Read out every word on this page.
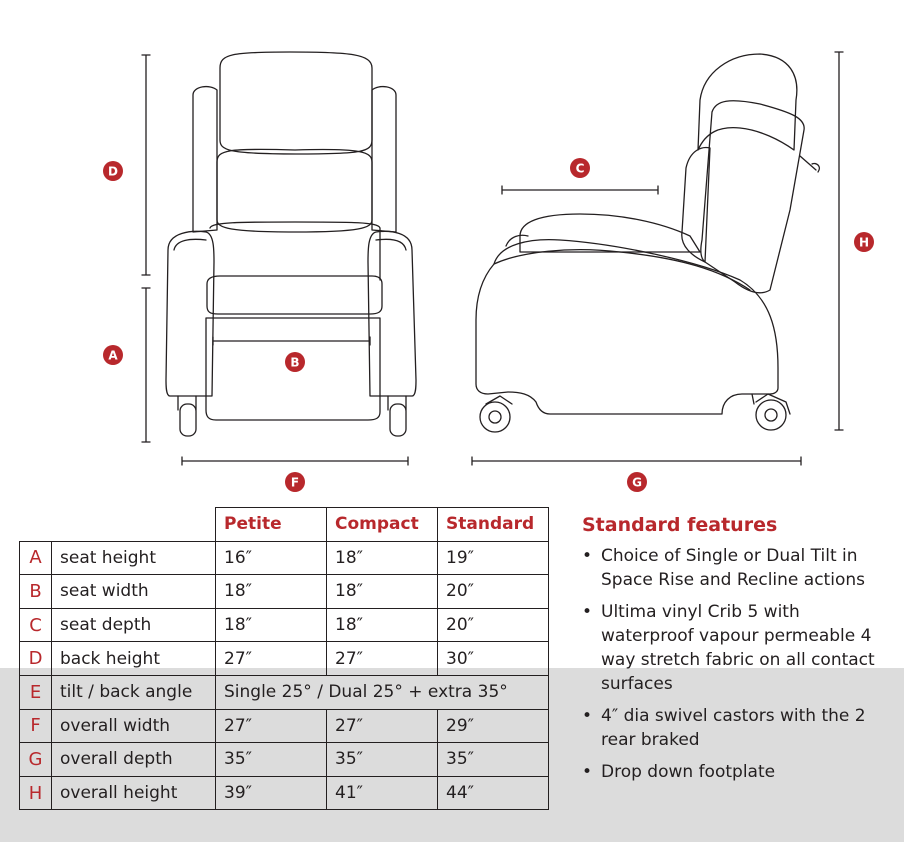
D
A	B
F
C
H
G
		Petite	Compact	Standard
A	seat height	16″	18″	19″
B	seat width	18″	18″	20″
C	seat depth	18″	18″	20″
D	back height	27″	27″	30″
E	tilt / back angle	Single 25° / Dual 25° + extra 35°		
F	overall width	27″	27″	29″
G	overall depth	35″	35″	35″
H	overall height	39″	41″	44″
Standard features
• Choice of Single or Dual Tilt in Space Rise and Recline actions
• Ultima vinyl Crib 5 with waterproof vapour permeable 4 way stretch fabric on all contact surfaces
• 4″ dia swivel castors with the 2 rear braked
• Drop down footplate
